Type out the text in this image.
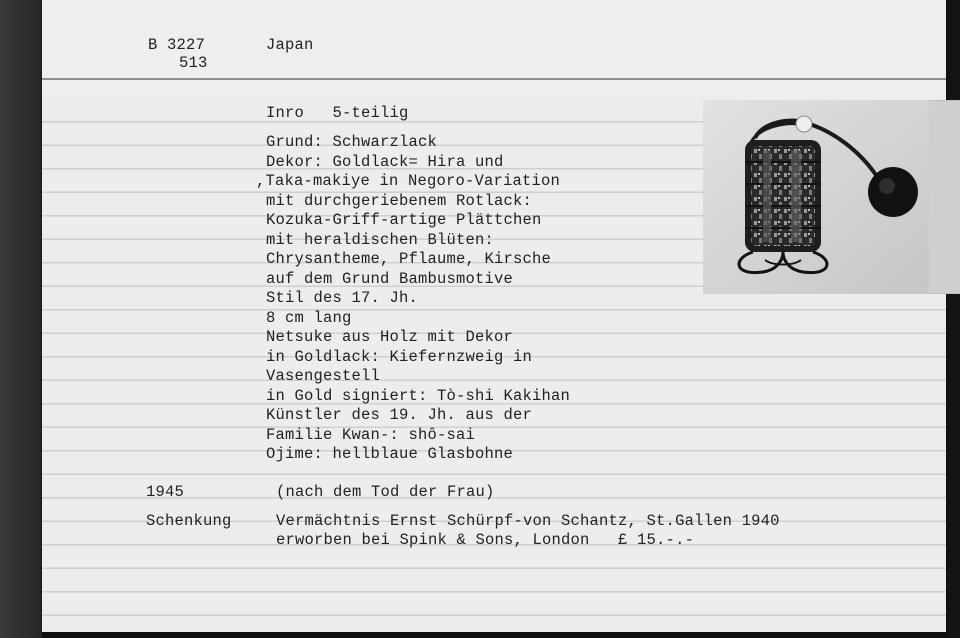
B 3227
513
Japan
Inro   5-teilig
Grund: Schwarzlack
Dekor: Goldlack= Hira und
,Taka-makiye in Negoro-Variation
mit durchgeriebenem Rotlack:
Kozuka-Griff-artige Plättchen
mit heraldischen Blüten:
Chrysantheme, Pflaume, Kirsche
auf dem Grund Bambusmotive
Stil des 17. Jh.
8 cm lang
Netsuke aus Holz mit Dekor
in Goldlack: Kiefernzweig in
Vasengestell
in Gold signiert: Tò-shi Kakihan
Künstler des 19. Jh. aus der
Familie Kwan-: shô-sai
Ojime: hellblaue Glasbohne
1945	(nach dem Tod der Frau)
Schenkung	Vermächtnis Ernst Schürpf-von Schantz, St.Gallen 1940
erworben bei Spink & Sons, London   £ 15.-.-
